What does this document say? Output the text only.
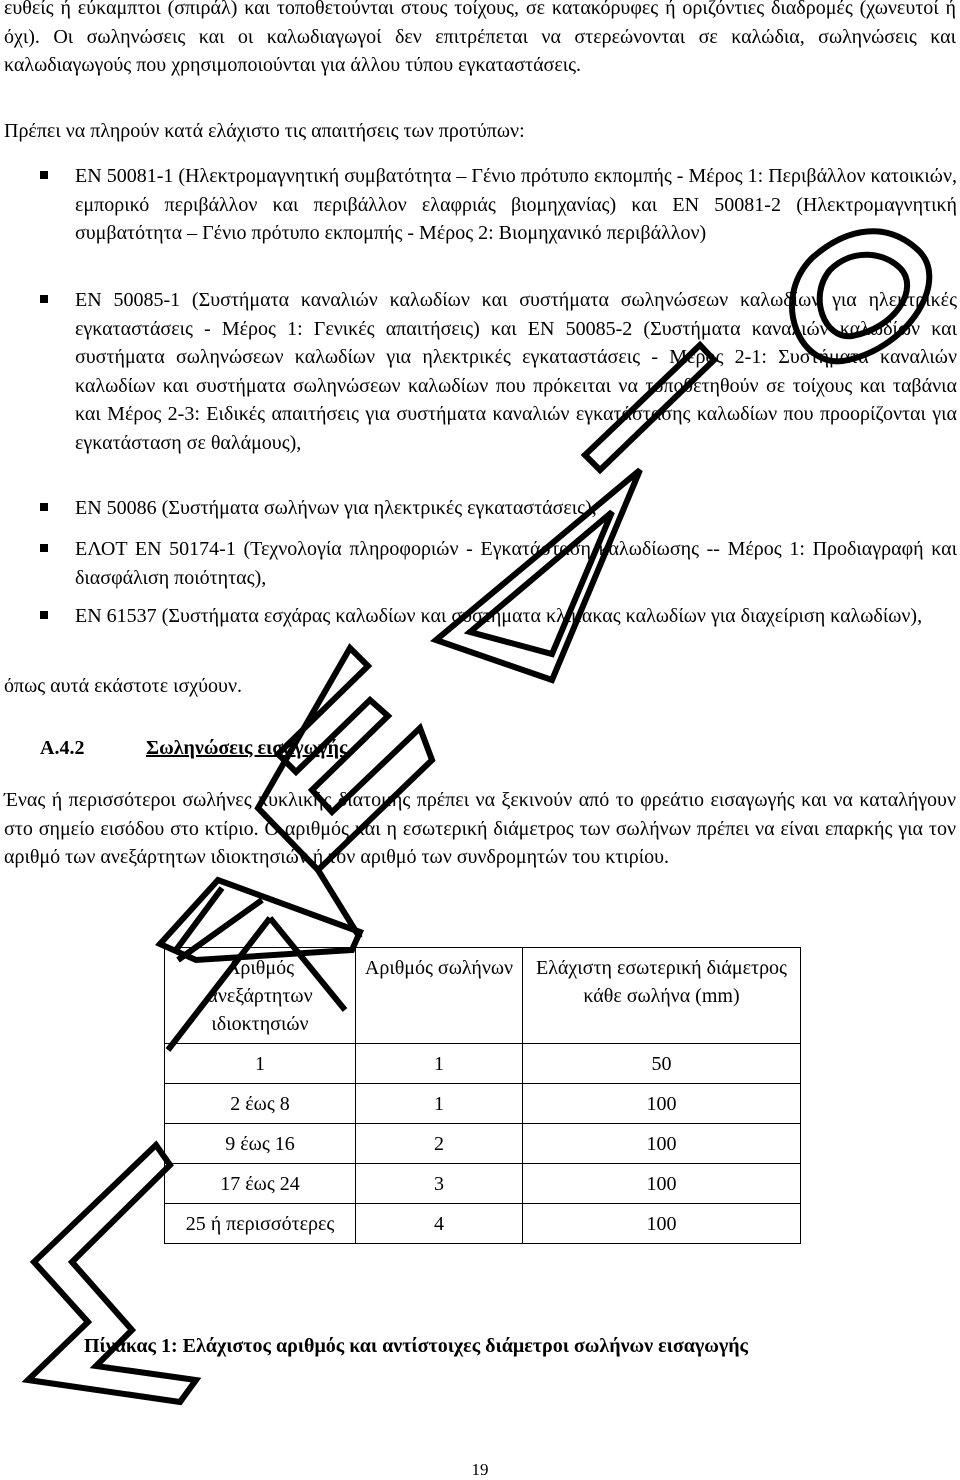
ευθείς ή εύκαμπτοι (σπιράλ) και τοποθετούνται στους τοίχους, σε κατακόρυφες ή οριζόντιες διαδρομές (χωνευτοί ή όχι). Οι σωληνώσεις και οι καλωδιαγωγοί δεν επιτρέπεται να στερεώνονται σε καλώδια, σωληνώσεις και καλωδιαγωγούς που χρησιμοποιούνται για άλλου τύπου εγκαταστάσεις.

Πρέπει να πληρούν κατά ελάχιστο τις απαιτήσεις των προτύπων:

EN 50081-1 (Ηλεκτρομαγνητική συμβατότητα – Γένιο πρότυπο εκπομπής - Μέρος 1: Περιβάλλον κατοικιών, εμπορικό περιβάλλον και περιβάλλον ελαφριάς βιομηχανίας) και EN 50081-2 (Ηλεκτρομαγνητική συμβατότητα – Γένιο πρότυπο εκπομπής - Μέρος 2: Βιομηχανικό περιβάλλον)

EN 50085-1 (Συστήματα καναλιών καλωδίων και συστήματα σωληνώσεων καλωδίων για ηλεκτρικές εγκαταστάσεις - Μέρος 1: Γενικές απαιτήσεις) και EN 50085-2 (Συστήματα καναλιών καλωδίων και συστήματα σωληνώσεων καλωδίων για ηλεκτρικές εγκαταστάσεις - Μέρος 2-1: Συστήματα καναλιών καλωδίων και συστήματα σωληνώσεων καλωδίων που πρόκειται να τοποθετηθούν σε τοίχους και ταβάνια και Μέρος 2-3: Ειδικές απαιτήσεις για συστήματα καναλιών εγκατάστασης καλωδίων που προορίζονται για εγκατάσταση σε θαλάμους),

EN 50086 (Συστήματα σωλήνων για ηλεκτρικές εγκαταστάσεις),

ΕΛΟΤ EN 50174-1 (Τεχνολογία πληροφοριών - Εγκατάσταση καλωδίωσης -- Μέρος 1: Προδιαγραφή και διασφάλιση ποιότητας),

EN 61537 (Συστήματα εσχάρας καλωδίων και συστήματα κλίμακας καλωδίων για διαχείριση καλωδίων),

όπως αυτά εκάστοτε ισχύουν.

Α.4.2	Σωληνώσεις εισαγωγής

Ένας ή περισσότεροι σωλήνες κυκλικής διατομής πρέπει να ξεκινούν από το φρεάτιο εισαγωγής και να καταλήγουν στο σημείο εισόδου στο κτίριο. Ο αριθμός και η εσωτερική διάμετρος των σωλήνων πρέπει να είναι επαρκής για τον αριθμό των ανεξάρτητων ιδιοκτησιών ή τον αριθμό των συνδρομητών του κτιρίου.

Αριθμός ανεξάρτητων ιδιοκτησιών	Αριθμός σωλήνων	Ελάχιστη εσωτερική διάμετρος κάθε σωλήνα (mm)
1	1	50
2 έως 8	1	100
9 έως 16	2	100
17 έως 24	3	100
25 ή περισσότερες	4	100
Πίνακας 1: Ελάχιστος αριθμός και αντίστοιχες διάμετροι σωλήνων εισαγωγής
19
